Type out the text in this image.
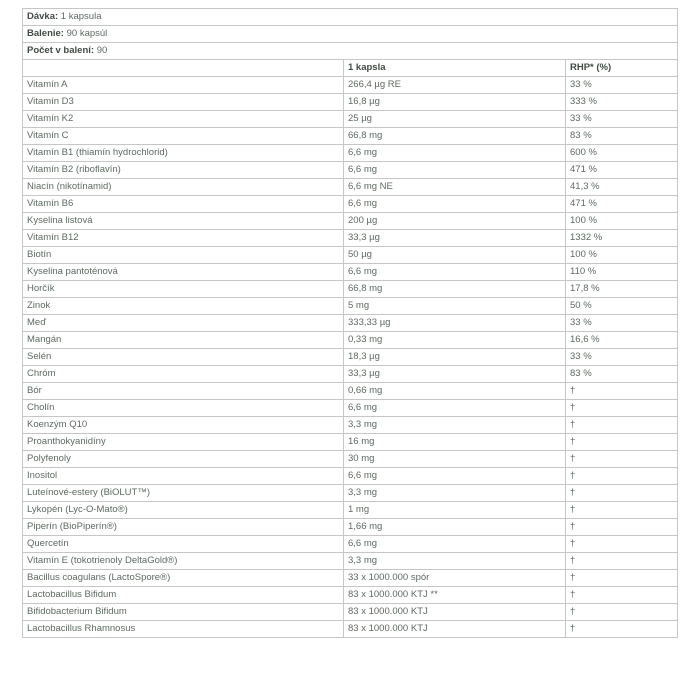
Dávka: 1 kapsula		
Balenie: 90 kapsúl		
Počet v balení: 90		
	1 kapsla	RHP* (%)
Vitamín A	266,4 µg RE	33 %
Vitamín D3	16,8 µg	333 %
Vitamín K2	25 µg	33 %
Vitamín C	66,8 mg	83 %
Vitamín B1 (thiamín hydrochlorid)	6,6 mg	600 %
Vitamín B2 (riboflavín)	6,6 mg	471 %
Niacín (nikotínamid)	6,6 mg NE	41,3 %
Vitamín B6	6,6 mg	471 %
Kyselina listová	200 µg	100 %
Vitamín B12	33,3 µg	1332 %
Biotín	50 µg	100 %
Kyselina pantoténová	6,6 mg	110 %
Horčík	66,8 mg	17,8 %
Zinok	5 mg	50 %
Meď	333,33 µg	33 %
Mangán	0,33 mg	16,6 %
Selén	18,3 µg	33 %
Chróm	33,3 µg	83 %
Bór	0,66 mg	†
Cholín	6,6 mg	†
Koenzým Q10	3,3 mg	†
Proanthokyanidíny	16 mg	†
Polyfenoly	30 mg	†
Inositol	6,6 mg	†
Luteínové-estery (BiOLUT™)	3,3 mg	†
Lykopén (Lyc-O-Mato®)	1 mg	†
Piperín (BioPiperín®)	1,66 mg	†
Quercetín	6,6 mg	†
Vitamín E (tokotrienoly DeltaGold®)	3,3 mg	†
Bacillus coagulans (LactoSpore®)	33 x 1000.000 spór	†
Lactobacillus Bifidum	83 x 1000.000 KTJ **	†
Bifidobacterium Bifidum	83 x 1000.000 KTJ	†
Lactobacillus Rhamnosus	83 x 1000.000 KTJ	†
